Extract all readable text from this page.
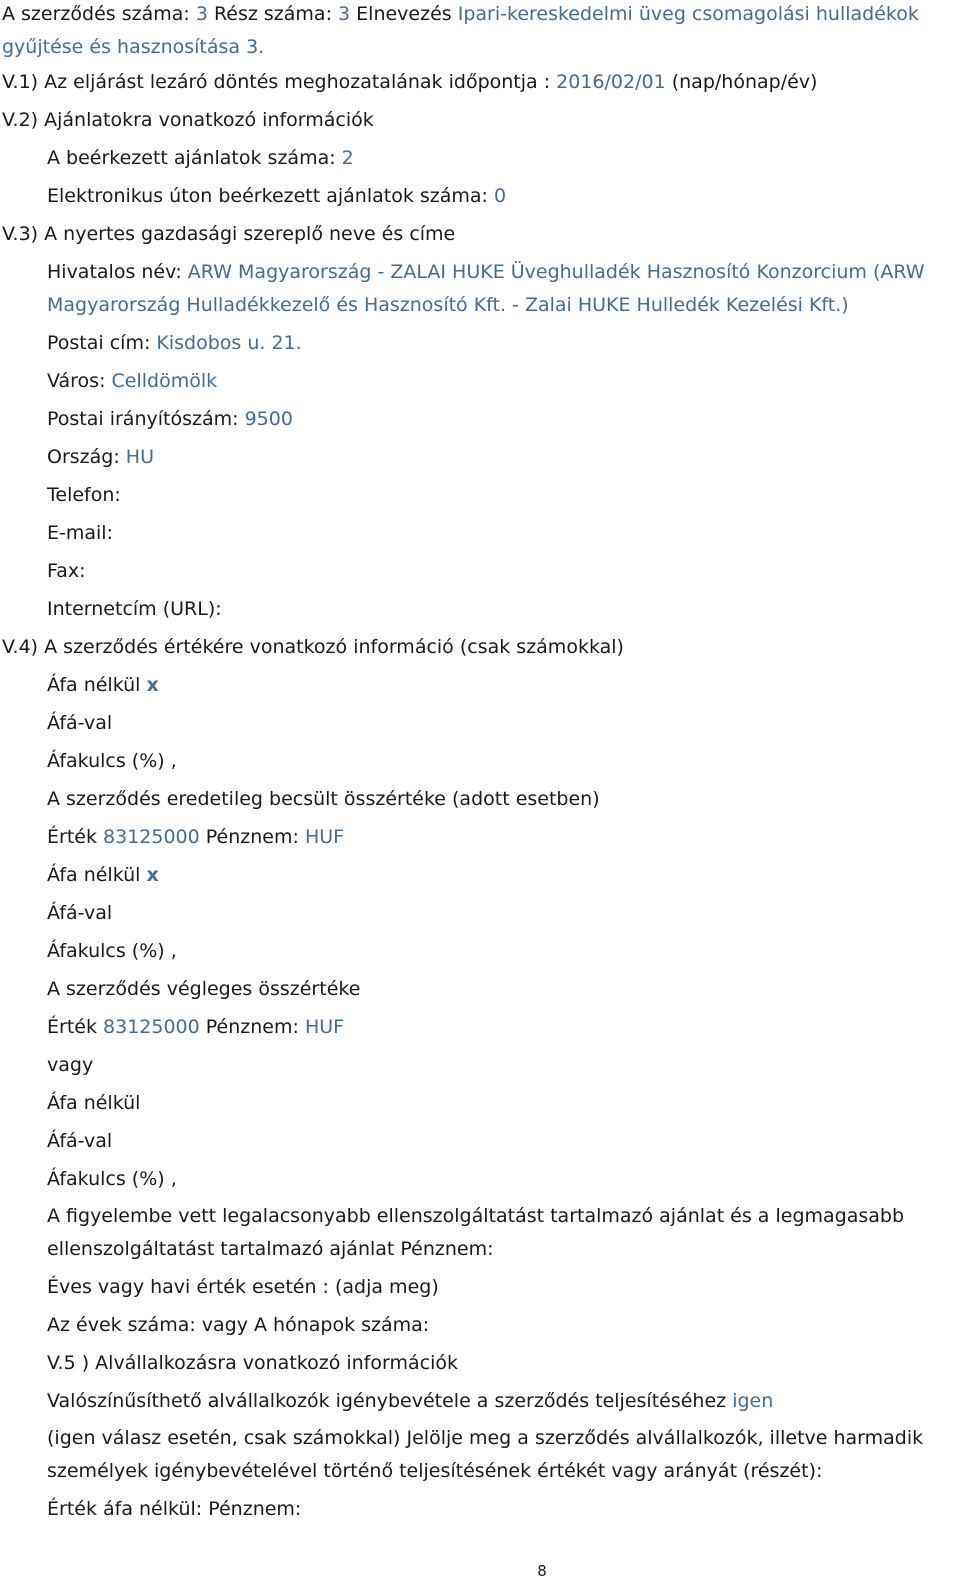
A szerződés száma: 3 Rész száma: 3 Elnevezés Ipari-kereskedelmi üveg csomagolási hulladékok gyűjtése és hasznosítása 3.
V.1) Az eljárást lezáró döntés meghozatalának időpontja : 2016/02/01 (nap/hónap/év)
V.2) Ajánlatokra vonatkozó információk
A beérkezett ajánlatok száma: 2
Elektronikus úton beérkezett ajánlatok száma: 0
V.3) A nyertes gazdasági szereplő neve és címe
Hivatalos név: ARW Magyarország - ZALAI HUKE Üveghulladék Hasznosító Konzorcium (ARW Magyarország Hulladékkezelő és Hasznosító Kft. - Zalai HUKE Hulledék Kezelési Kft.)
Postai cím: Kisdobos u. 21.
Város: Celldömölk
Postai irányítószám: 9500
Ország: HU
Telefon:
E-mail:
Fax:
Internetcím (URL):
V.4) A szerződés értékére vonatkozó információ (csak számokkal)
Áfa nélkül x
Áfá-val
Áfakulcs (%) ,
A szerződés eredetileg becsült összértéke (adott esetben)
Érték 83125000 Pénznem: HUF
Áfa nélkül x
Áfá-val
Áfakulcs (%) ,
A szerződés végleges összértéke
Érték 83125000 Pénznem: HUF
vagy
Áfa nélkül
Áfá-val
Áfakulcs (%) ,
A figyelembe vett legalacsonyabb ellenszolgáltatást tartalmazó ajánlat és a legmagasabb ellenszolgáltatást tartalmazó ajánlat Pénznem:
Éves vagy havi érték esetén : (adja meg)
Az évek száma: vagy A hónapok száma:
V.5 ) Alvállalkozásra vonatkozó információk
Valószínűsíthető alvállalkozók igénybevétele a szerződés teljesítéséhez igen
(igen válasz esetén, csak számokkal) Jelölje meg a szerződés alvállalkozók, illetve harmadik személyek igénybevételével történő teljesítésének értékét vagy arányát (részét):
Érték áfa nélkül: Pénznem:
8
